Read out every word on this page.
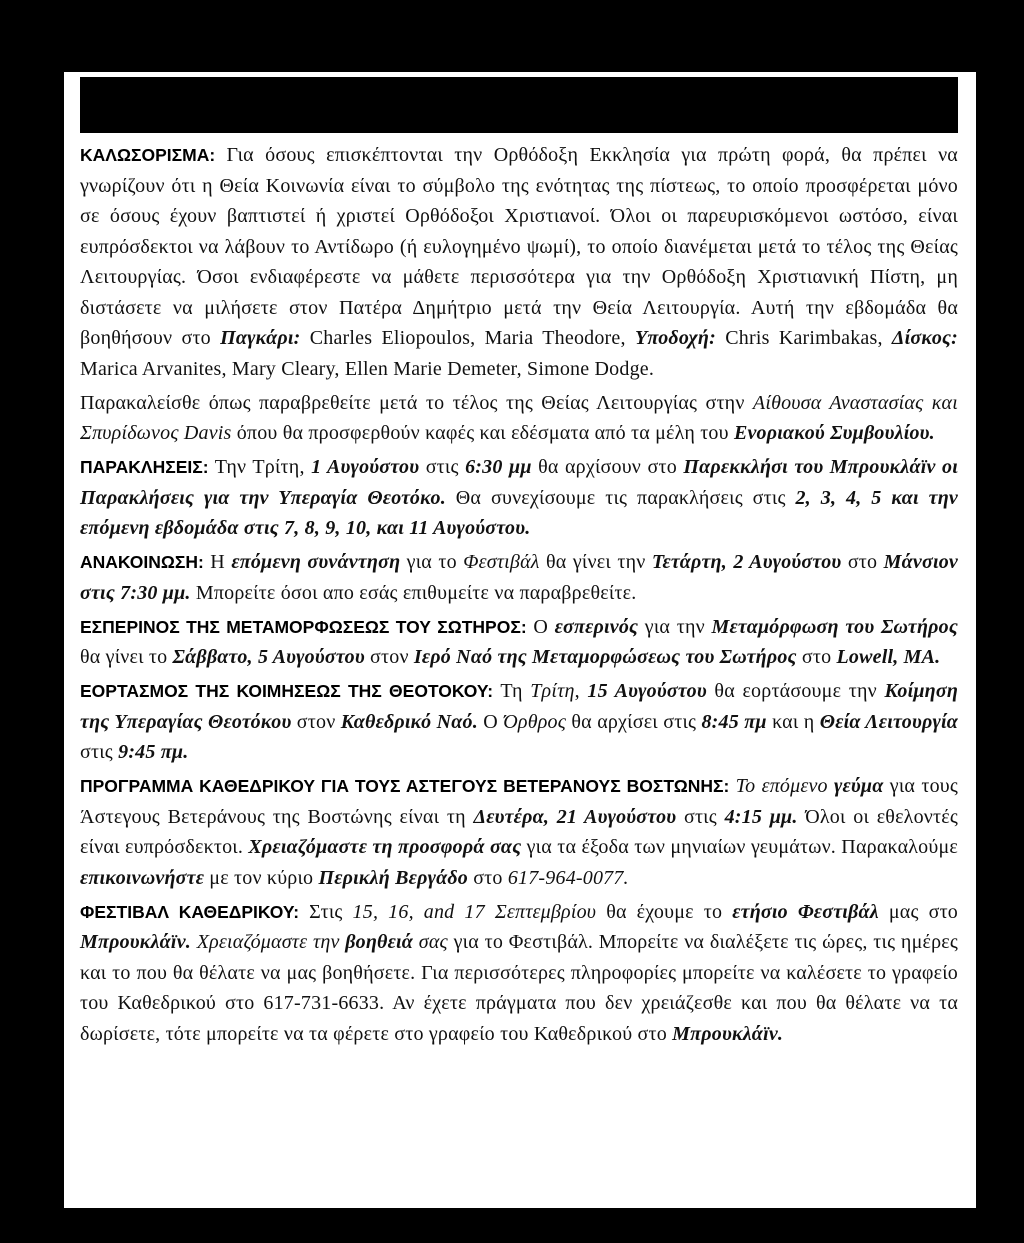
ΚΑΛΩΣΟΡΙΣΜΑ: Για όσους επισκέπτονται την Ορθόδοξη Εκκλησία για πρώτη φορά, θα πρέπει να γνωρίζουν ότι η Θεία Κοινωνία είναι το σύμβολο της ενότητας της πίστεως, το οποίο προσφέρεται μόνο σε όσους έχουν βαπτιστεί ή χριστεί Ορθόδοξοι Χριστιανοί. Όλοι οι παρευρισκόμενοι ωστόσο, είναι ευπρόσδεκτοι να λάβουν το Αντίδωρο (ή ευλογημένο ψωμί), το οποίο διανέμεται μετά το τέλος της Θείας Λειτουργίας. Όσοι ενδιαφέρεστε να μάθετε περισσότερα για την Ορθόδοξη Χριστιανική Πίστη, μη διστάσετε να μιλήσετε στον Πατέρα Δημήτριο μετά την Θεία Λειτουργία. Αυτή την εβδομάδα θα βοηθήσουν στο Παγκάρι: Charles Eliopoulos, Maria Theodore, Υποδοχή: Chris Karimbakas, Δίσκος: Marica Arvanites, Mary Cleary, Ellen Marie Demeter, Simone Dodge.

Παρακαλείσθε όπως παραβρεθείτε μετά το τέλος της Θείας Λειτουργίας στην Αίθουσα Αναστασίας και Σπυρίδωνος Davis όπου θα προσφερθούν καφές και εδέσματα από τα μέλη του Ενοριακού Συμβουλίου.

ΠΑΡΑΚΛΗΣΕΙΣ: Την Τρίτη, 1 Αυγούστου στις 6:30 μμ θα αρχίσουν στο Παρεκκλήσι του Μπρουκλάϊν οι Παρακλήσεις για την Υπεραγία Θεοτόκο. Θα συνεχίσουμε τις παρακλήσεις στις 2, 3, 4, 5 και την επόμενη εβδομάδα στις 7, 8, 9, 10, και 11 Αυγούστου.

ΑΝΑΚΟΙΝΩΣΗ: Η επόμενη συνάντηση για το Φεστιβάλ θα γίνει την Τετάρτη, 2 Αυγούστου στο Μάνσιον στις 7:30 μμ. Μπορείτε όσοι απο εσάς επιθυμείτε να παραβρεθείτε.

ΕΣΠΕΡΙΝΟΣ ΤΗΣ ΜΕΤΑΜΟΡΦΩΣΕΩΣ ΤΟΥ ΣΩΤΗΡΟΣ: Ο εσπερινός για την Μεταμόρφωση του Σωτήρος θα γίνει το Σάββατο, 5 Αυγούστου στον Ιερό Ναό της Μεταμορφώσεως του Σωτήρος στο Lowell, MA.

ΕΟΡΤΑΣΜΟΣ ΤΗΣ ΚΟΙΜΗΣΕΩΣ ΤΗΣ ΘΕΟΤΟΚΟΥ: Τη Τρίτη, 15 Αυγούστου θα εορτάσουμε την Κοίμηση της Υπεραγίας Θεοτόκου στον Καθεδρικό Ναό. Ο Όρθρος θα αρχίσει στις 8:45 πμ και η Θεία Λειτουργία στις 9:45 πμ.

ΠΡΟΓΡΑΜΜΑ ΚΑΘΕΔΡΙΚΟΥ ΓΙΑ ΤΟΥΣ ΑΣΤΕΓΟΥΣ ΒΕΤΕΡΑΝΟΥΣ ΒΟΣΤΩΝΗΣ: Το επόμενο γεύμα για τους Άστεγους Βετεράνους της Βοστώνης είναι τη Δευτέρα, 21 Αυγούστου στις 4:15 μμ. Όλοι οι εθελοντές είναι ευπρόσδεκτοι. Χρειαζόμαστε τη προσφορά σας για τα έξοδα των μηνιαίων γευμάτων. Παρακαλούμε επικοινωνήστε με τον κύριο Περικλή Βεργάδο στο 617-964-0077.

ΦΕΣΤΙΒΑΛ ΚΑΘΕΔΡΙΚΟΥ: Στις 15, 16, and 17 Σεπτεμβρίου θα έχουμε το ετήσιο Φεστιβάλ μας στο Μπρουκλάϊν. Χρειαζόμαστε την βοηθειά σας για το Φεστιβάλ. Μπορείτε να διαλέξετε τις ώρες, τις ημέρες και το που θα θέλατε να μας βοηθήσετε. Για περισσότερες πληροφορίες μπορείτε να καλέσετε το γραφείο του Καθεδρικού στο 617-731-6633. Αν έχετε πράγματα που δεν χρειάζεσθε και που θα θέλατε να τα δωρίσετε, τότε μπορείτε να τα φέρετε στο γραφείο του Καθεδρικού στο Μπρουκλάϊν.
